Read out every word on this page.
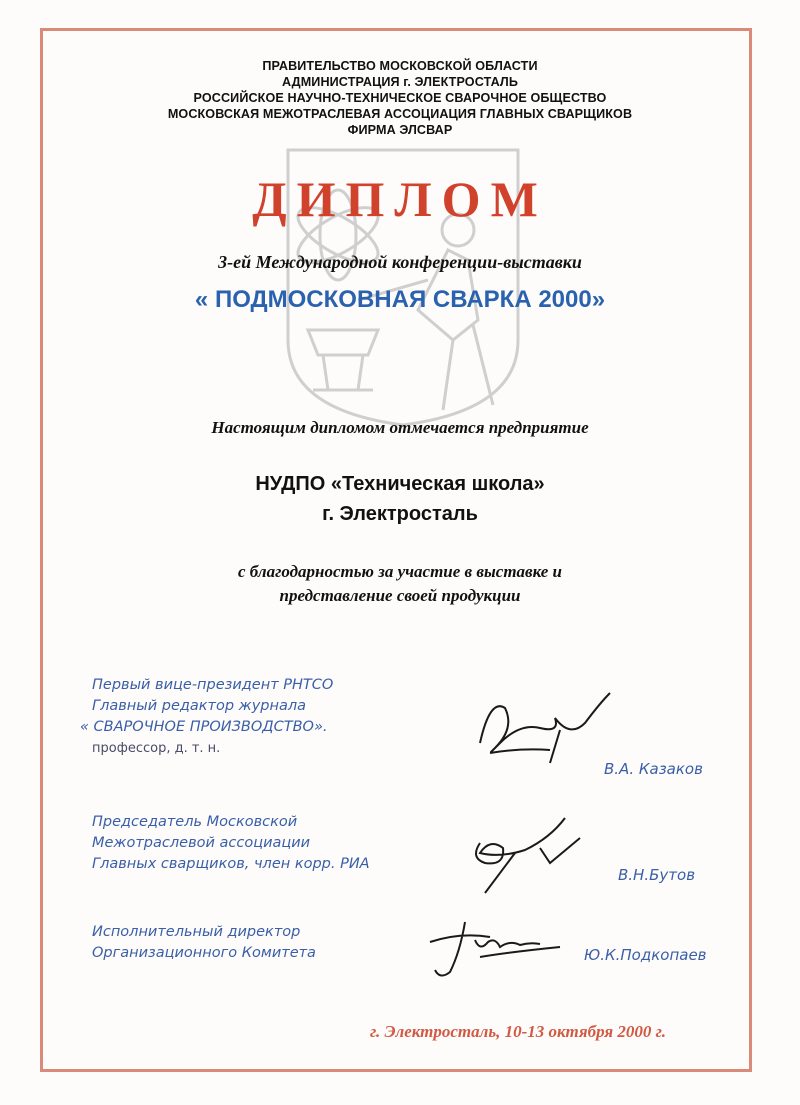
ПРАВИТЕЛЬСТВО МОСКОВСКОЙ ОБЛАСТИ
АДМИНИСТРАЦИЯ г. ЭЛЕКТРОСТАЛЬ
РОССИЙСКОЕ НАУЧНО-ТЕХНИЧЕСКОЕ СВАРОЧНОЕ ОБЩЕСТВО
МОСКОВСКАЯ МЕЖОТРАСЛЕВАЯ АССОЦИАЦИЯ ГЛАВНЫХ СВАРЩИКОВ
ФИРМА ЭЛСВАР
ДИПЛОМ
3-ей Международной конференции-выставки
« ПОДМОСКОВНАЯ СВАРКА 2000»
Настоящим дипломом отмечается предприятие
НУДПО «Техническая школа»
г. Электросталь
с благодарностью за участие в выставке и
представление своей продукции
Первый вице-президент РНТСО
Главный редактор журнала
« СВАРОЧНОЕ ПРОИЗВОДСТВО».
профессор, д. т. н.
В.А. Казаков
Председатель Московской
Межотраслевой ассоциации
Главных сварщиков, член корр. РИА
В.Н.Бутов
Исполнительный директор
Организационного Комитета	Ю.К.Подкопаев
г. Электросталь, 10-13 октября 2000 г.
